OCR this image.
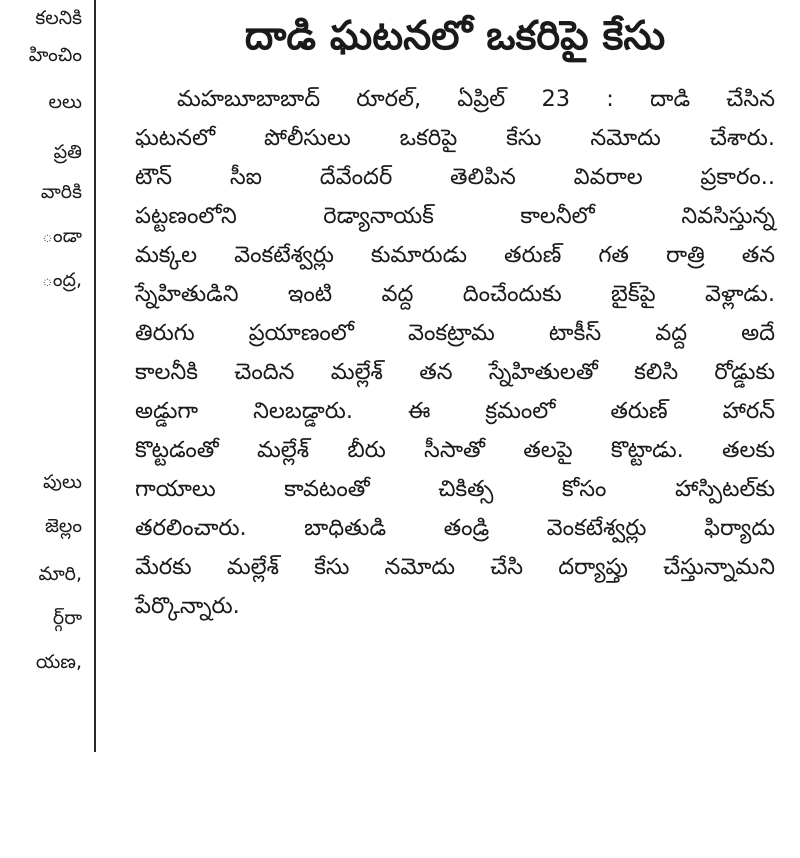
కలనికి
హించిం
లలు
ప్రతి
వారికి
ండా
ంద్ర,
పులు
జెల్లం
మారి,
ర్గ్‌రా
యణ,
దాడి ఘటనలో ఒకరిపై కేసు
మహబూబాబాద్ రూరల్, ఏప్రిల్ 23 : దాడి చేసిన
ఘటనలో పోలీసులు ఒకరిపై కేసు నమోదు చేశారు.
టౌన్ సీఐ దేవేందర్ తెలిపిన వివరాల ప్రకారం..
పట్టణంలోని రెడ్యానాయక్ కాలనీలో నివసిస్తున్న
మక్కల వెంకటేశ్వర్లు కుమారుడు తరుణ్ గత రాత్రి తన
స్నేహితుడిని ఇంటి వద్ద దించేందుకు బైక్‌పై వెళ్లాడు.
తిరుగు ప్రయాణంలో వెంకట్రామ టాకీస్ వద్ద అదే
కాలనీకి చెందిన మల్లేశ్ తన స్నేహితులతో కలిసి రోడ్డుకు
అడ్డుగా నిలబడ్డారు. ఈ క్రమంలో తరుణ్ హారన్
కొట్టడంతో మల్లేశ్ బీరు సీసాతో తలపై కొట్టాడు. తలకు
గాయాలు కావటంతో చికిత్స కోసం హాస్పిటల్‌కు
తరలించారు. బాధితుడి తండ్రి వెంకటేశ్వర్లు ఫిర్యాదు
మేరకు మల్లేశ్ కేసు నమోదు చేసి దర్యాప్తు చేస్తున్నామని
పేర్కొన్నారు.
